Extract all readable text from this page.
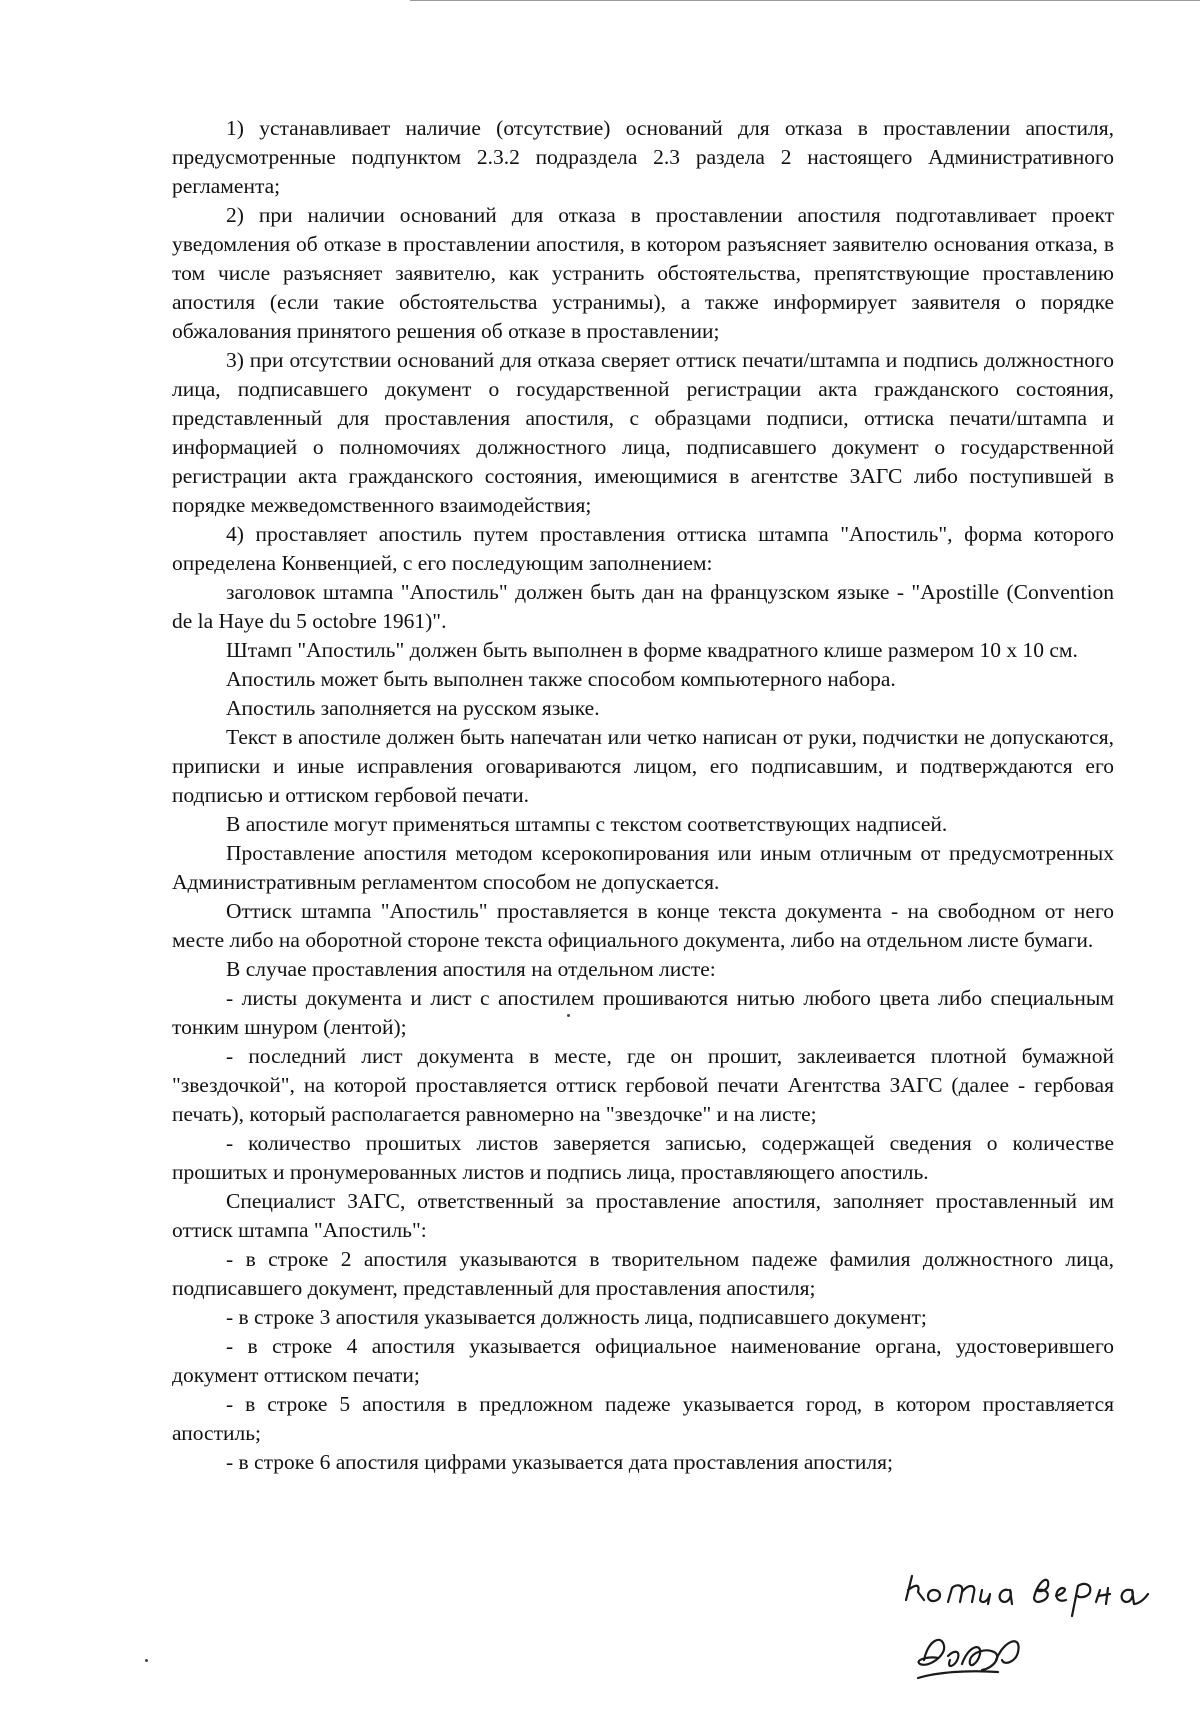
1) устанавливает наличие (отсутствие) оснований для отказа в проставлении апостиля, предусмотренные подпунктом 2.3.2 подраздела 2.3 раздела 2 настоящего Административного регламента;

2) при наличии оснований для отказа в проставлении апостиля подготавливает проект уведомления об отказе в проставлении апостиля, в котором разъясняет заявителю основания отказа, в том числе разъясняет заявителю, как устранить обстоятельства, препятствующие проставлению апостиля (если такие обстоятельства устранимы), а также информирует заявителя о порядке обжалования принятого решения об отказе в проставлении;

3) при отсутствии оснований для отказа сверяет оттиск печати/штампа и подпись должностного лица, подписавшего документ о государственной регистрации акта гражданского состояния, представленный для проставления апостиля, с образцами подписи, оттиска печати/штампа и информацией о полномочиях должностного лица, подписавшего документ о государственной регистрации акта гражданского состояния, имеющимися в агентстве ЗАГС либо поступившей в порядке межведомственного взаимодействия;

4) проставляет апостиль путем проставления оттиска штампа "Апостиль", форма которого определена Конвенцией, с его последующим заполнением:

заголовок штампа "Апостиль" должен быть дан на французском языке - "Apostille (Convention de la Haye du 5 octobre 1961)".

Штамп "Апостиль" должен быть выполнен в форме квадратного клише размером 10 x 10 см.

Апостиль может быть выполнен также способом компьютерного набора.

Апостиль заполняется на русском языке.

Текст в апостиле должен быть напечатан или четко написан от руки, подчистки не допускаются, приписки и иные исправления оговариваются лицом, его подписавшим, и подтверждаются его подписью и оттиском гербовой печати.

В апостиле могут применяться штампы с текстом соответствующих надписей.

Проставление апостиля методом ксерокопирования или иным отличным от предусмотренных Административным регламентом способом не допускается.

Оттиск штампа "Апостиль" проставляется в конце текста документа - на свободном от него месте либо на оборотной стороне текста официального документа, либо на отдельном листе бумаги.

В случае проставления апостиля на отдельном листе:

- листы документа и лист с апостилем прошиваются нитью любого цвета либо специальным тонким шнуром (лентой);

- последний лист документа в месте, где он прошит, заклеивается плотной бумажной "звездочкой", на которой проставляется оттиск гербовой печати Агентства ЗАГС (далее - гербовая печать), который располагается равномерно на "звездочке" и на листе;

- количество прошитых листов заверяется записью, содержащей сведения о количестве прошитых и пронумерованных листов и подпись лица, проставляющего апостиль.

Специалист ЗАГС, ответственный за проставление апостиля, заполняет проставленный им оттиск штампа "Апостиль":

- в строке 2 апостиля указываются в творительном падеже фамилия должностного лица, подписавшего документ, представленный для проставления апостиля;

- в строке 3 апостиля указывается должность лица, подписавшего документ;

- в строке 4 апостиля указывается официальное наименование органа, удостоверившего документ оттиском печати;

- в строке 5 апостиля в предложном падеже указывается город, в котором проставляется апостиль;

- в строке 6 апостиля цифрами указывается дата проставления апостиля;
